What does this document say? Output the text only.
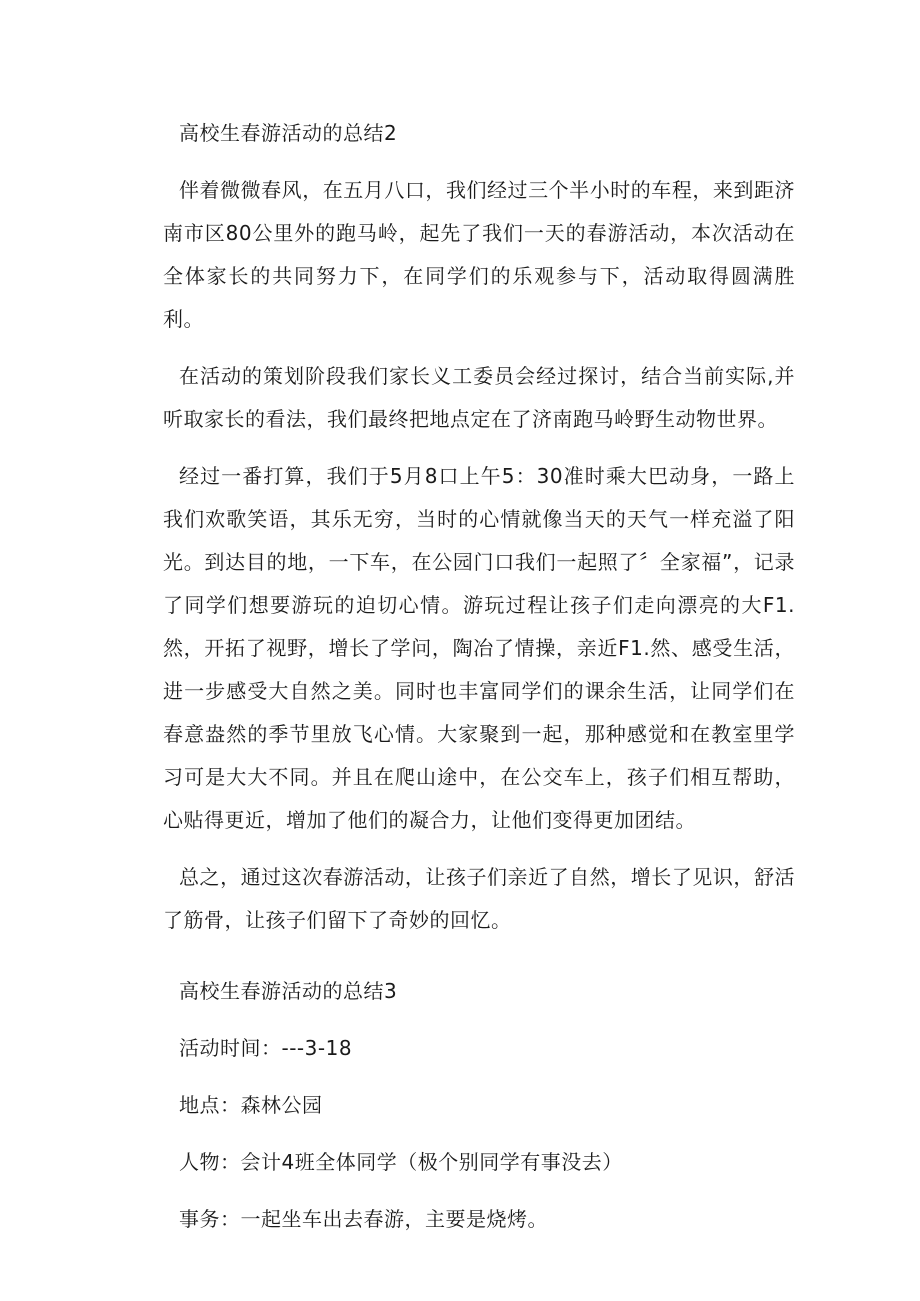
高校生春游活动的总结2

伴着微微春风，在五月八口，我们经过三个半小时的车程，来到距济南市区80公里外的跑马岭，起先了我们一天的春游活动，本次活动在全体家长的共同努力下，在同学们的乐观参与下，活动取得圆满胜利。

在活动的策划阶段我们家长义工委员会经过探讨，结合当前实际,并听取家长的看法，我们最终把地点定在了济南跑马岭野生动物世界。

经过一番打算，我们于5月8口上午5：30准时乘大巴动身，一路上我们欢歌笑语，其乐无穷，当时的心情就像当天的天气一样充溢了阳光。到达目的地，一下车，在公园门口我们一起照了〞全家福”，记录了同学们想要游玩的迫切心情。游玩过程让孩子们走向漂亮的大F1.然，开拓了视野，增长了学问，陶冶了情操，亲近F1.然、感受生活，进一步感受大自然之美。同时也丰富同学们的课余生活，让同学们在春意盎然的季节里放飞心情。大家聚到一起，那种感觉和在教室里学习可是大大不同。并且在爬山途中，在公交车上，孩子们相互帮助，心贴得更近，增加了他们的凝合力，让他们变得更加团结。

总之，通过这次春游活动，让孩子们亲近了自然，增长了见识，舒活了筋骨，让孩子们留下了奇妙的回忆。

高校生春游活动的总结3

活动时间：---3-18

地点：森林公园

人物：会计4班全体同学（极个别同学有事没去）

事务：一起坐车出去春游，主要是烧烤。
